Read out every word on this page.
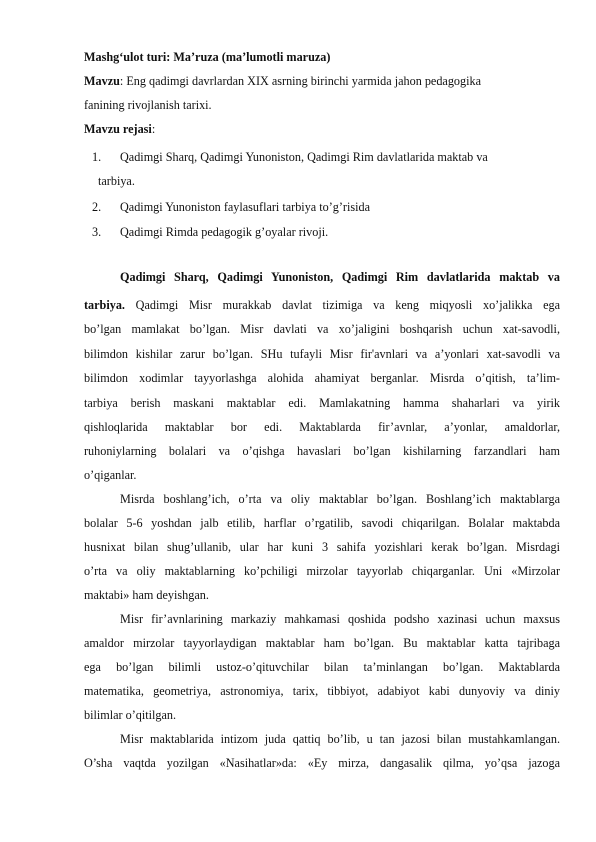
Mashg‘ulot turi: Ma’ruza (ma’lumotli maruza)
Mavzu: Eng qadimgi davrlardan XIX asrning birinchi yarmida jahon pedagogika
fanining rivojlanish tarixi.
Mavzu rejasi:
1. Qadimgi Sharq, Qadimgi Yunoniston, Qadimgi Rim davlatlarida maktab va
tarbiya.
2. Qadimgi Yunoniston faylasuflari tarbiya to’g’risida
3. Qadimgi Rimda pedagogik g’oyalar rivoji.
Qadimgi Sharq, Qadimgi Yunoniston, Qadimgi Rim davlatlarida maktab va
tarbiya. Qadimgi Misr murakkab davlat tizimiga va keng miqyosli xo’jalikka ega
bo’lgan mamlakat bo’lgan. Misr davlati va xo’jaligini boshqarish uchun xat-savodli,
bilimdon kishilar zarur bo’lgan. SHu tufayli Misr fir'avnlari va a’yonlari xat-savodli va
bilimdon xodimlar tayyorlashga alohida ahamiyat berganlar. Misrda o’qitish, ta’lim-
tarbiya berish maskani maktablar edi. Mamlakatning hamma shaharlari va yirik
qishloqlarida maktablar bor edi. Maktablarda fir’avnlar, a’yonlar, amaldorlar,
ruhoniylarning bolalari va o’qishga havaslari bo’lgan kishilarning farzandlari ham
o’qiganlar.
Misrda boshlang’ich, o’rta va oliy maktablar bo’lgan. Boshlang’ich maktablarga
bolalar 5-6 yoshdan jalb etilib, harflar o’rgatilib, savodi chiqarilgan. Bolalar maktabda
husnixat bilan shug’ullanib, ular har kuni 3 sahifa yozishlari kerak bo’lgan. Misrdagi
o’rta va oliy maktablarning ko’pchiligi mirzolar tayyorlab chiqarganlar. Uni «Mirzolar
maktabi» ham deyishgan.
Misr fir’avnlarining markaziy mahkamasi qoshida podsho xazinasi uchun maxsus
amaldor mirzolar tayyorlaydigan maktablar ham bo’lgan. Bu maktablar katta tajribaga
ega bo’lgan bilimli ustoz-o’qituvchilar bilan ta’minlangan bo’lgan. Maktablarda
matematika, geometriya, astronomiya, tarix, tibbiyot, adabiyot kabi dunyoviy va diniy
bilimlar o’qitilgan.
Misr maktablarida intizom juda qattiq bo’lib, u tan jazosi bilan mustahkamlangan.
O’sha vaqtda yozilgan «Nasihatlar»da: «Ey mirza, dangasalik qilma, yo’qsa jazoga
